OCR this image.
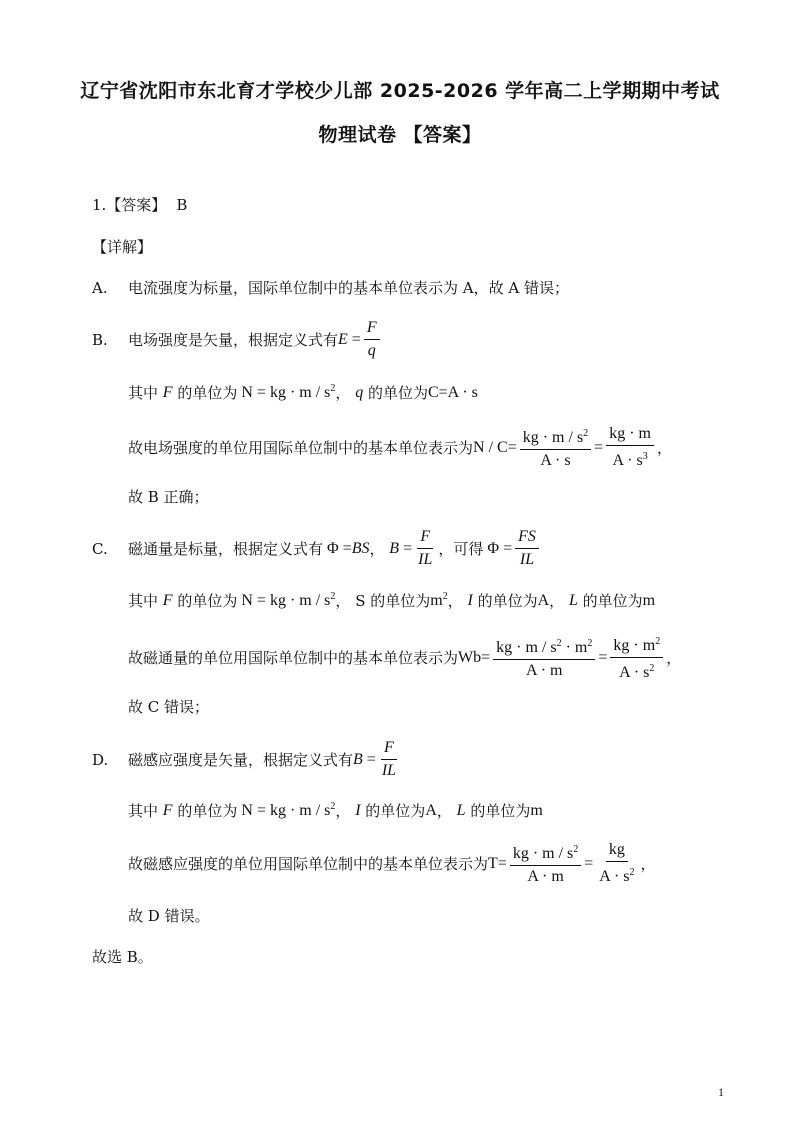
辽宁省沈阳市东北育才学校少儿部 2025-2026 学年高二上学期期中考试
物理试卷 【答案】
1.【答案】 B
【详解】
A.	电流强度为标量，国际单位制中的基本单位表示为 A，故 A 错误；
B.	电场强度是矢量，根据定义式有 $E = \frac{F}{q}$
其中
F
的单位为 N = kg · m / $s^2$ ， q
的单位为 C=A · s
故电场强度的单位用国际单位制中的基本单位表示为 $N / C= \frac{kg \cdot m / s^2}{A \cdot s} = \frac{kg \cdot m}{A \cdot s^3}$ ，
故 B 正确；
C.	磁通量是标量，根据定义式有 Φ = BS ， $B = \frac{F}{IL}$ ， 可得 $\Phi = \frac{FS}{IL}$
其中
F
的单位为 N = kg · m / $s^2$ ， S 的单位为 $m^2$ ， I
的单位为 A ， L
的单位为 m
故磁通量的单位用国际单位制中的基本单位表示为 $Wb= \frac{kg \cdot m / s^2 \cdot m^2}{A \cdot m} = \frac{kg \cdot m^2}{A \cdot s^2}$ ，
故 C 错误；
D.	磁感应强度是矢量，根据定义式有 $B = \frac{F}{IL}$
其中
F
的单位为 N = kg · m / $s^2$ ， I
的单位为 A ， L
的单位为 m
故磁感应强度的单位用国际单位制中的基本单位表示为 $T= \frac{kg \cdot m / s^2}{A \cdot m} = \frac{kg}{A \cdot s^2}$ ，
故 D 错误。
故选 B。
1
